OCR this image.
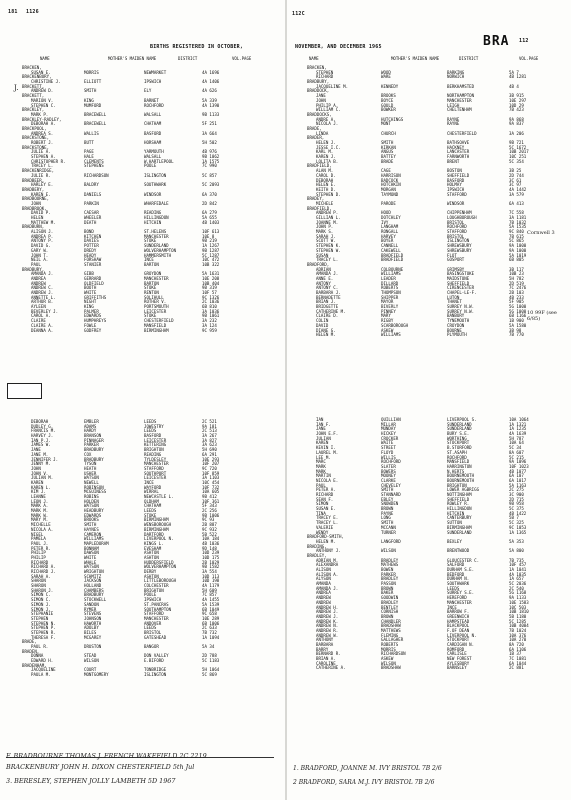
181 1126
BIRTHS REGISTERED IN OCTOBER,
NAME	MOTHER'S MAIDEN NAME	DISTRICT	VOL.PAGE
BRACKEN,
SUSAN E.	MORRIS	NEWMARKET	4A 1696
BRACKENBURY,
CHRISTINE J.	ELLIOTT	IPSWICH	4A 1406
BRACKETT,
ANDREW D.	SMITH	ELY	4A 626
BRACKETT,
MARION V.	KING	BARNET	5A 339
STEPHEN C.	MUMFORD	ROCHFORD	4A 1390
BRACKLEY,
MARK P.	BRACEWELL	WALSALL	9B 1133
BRACKLEY-RADLEY,
DEBORAH A.	BRACEWELL	CHATHAM	5F 251
BRACKPOOL,
ANDREA S.	WALLIS	BASFORD	3A 664
BRACKSTONE,
ROBERT J.	BUTT	HORSHAM	5H 502
BRACKSTONE,
JULIE A.	PAGE	YARMOUTH	4B 976
STEPHEN A.	HALE	WALSALL	9B 1062
CHRISTOPHER R.	CLEMENTS	W.HARTLEPOOL	1A 1575
TRACEY L.	STEPHENS	POOLE	7C 990
BRACKENRIDGE,
JULIE R.	RICHARDSON	ISLINGTON	5C 857
BRADBEER,
HARLEY E.	BALDRY	SOUTHWARK	5C 2093
BRADBERY,
KAREN E.	DANIELS	WINDSOR	6A 370
BRADBOURNE,
JOHN	PARKIN	WHARFEDALE	2D 842
BRADBROOK,
DAVID P.	CAESAR	READING	6A 279
HELEN	WHEELER	HILLINGDON	5A 655
MATTHEW M.	DEATH	HITCHIN	4B 1403
BRADBURN,
ALISON J.	BOND	ST.HELENS	10F 613
ANDREA P.	KITCHEN	MANCHESTER	10E 8
ANTONY P.	DAVIES	STOKE	9B 219
DAVID G.	POTTER	SUNDERLAND	1A 1267
GARY W.	DREDY	WOLVERHAMPTON	9B 1287
JOHN T.	HEADY	HAMMERSMITH	5C 1287
NEIL A.	FORSHAW	INCE	10C 472
PAUL	STANIER	BARTON	10B 322
BRADBURY,
AMANDA J.	GIBB	GROYDON	5A 1631
ANDREA	GERRARD	MANCHESTER	10E 208
ANDREW	OLDFIELD	BARTON	10B 404
ANDREW C.	BOOTH	STOKE	9B 319
ANDREW J.	WHITE	RENTON	10F 57
ANNETTE L.	GRIFFITHS	SOLIHULL	9C 1326
ARTHUR B.	NIGHT	ROTHER V.	2C 1036
AYLEEN	KING	PORTSMOUTH	6B 810
BEVERLEY J.	PALMER	LEICESTER	3A 1036
CAROL A.	EDWARDS	STOKE	9B 1061
CLAIRE	HUMPHREYS	CHESTERFIELD	3A 232
CLAIRE A.	FOWLE	MANSFIELD	3A 124
DEANNA A.	GODFREY	BIRMINGHAM	9C 959
DEBORAH	EMBLER	LEEDS	2C 521
DUDLEY G.	ADAMS	JOWESTRY	9A 181
FRANCIS M.	HARDY	LEEDS	2C 513
HARVEY J.	BRANSON	BASFORD	3A 267
IAN P.J.	PINNAGER	LEICESTER	3A 827
JAMES W.	PARKER	KETTERING	3A 623
JANE	BRADBURY	BRIGHTON	5H 690
JANE M.	COX	READING	6A 291
JENNIFER J.	BRADBURY	TYLDESLEY	10E 293
JENNY M.	TYSON	MANCHESTER	10F 207
JOHN	HEATH	STAFFORD	9C 720
JOHN V.	USHER	SOUTHPORT	10F 859
JULIAN M.	WATSON	LEICESTER	3A 1103
KAREN	NEWELL	INCE	10C 454
KAREN L.	ROBINSON	WAYFORD	10F 732
KIM J.	MCGUINESS	WIRRAL	10A 605
LEANNE	ROBINS	NEWCASTLE L.	9B 412
LEON J.	HOLDEN	OLDHAM	10F 361
MARK A.	WATSON	CHATHAM	5F 343
MARK M.	HEADBURY	LEEDS	2C 256
MARK W.	EDWARDS	STOKE	9B 1006
MARY M.	BROOKS	BIRMINGHAM	9C 93
MICHELLE	SMITH	WENSBOROUGH	2B 887
NICOLA A.	HAYNES	BIRMINGHAM	9C 932
NIGEL	CAMERON	DARTFORD	5B 522
PAMELA	WILLIAMS	LIVERPOOL N.	10A 184
PAUL J.	MAPLEDORAM	KINGS L.	4B 1036
PETER R.	BONNAM	EVESHAM	9D 148
PHILIP	DAWSON	ASHTON	10D 239
PHILIP	WHITE	ASHTON	10D 175
RICHARD	WHALE	HUDDERSFIELD	2B 1029
RICHARD A.	WATSON	WOLVERHAMPTON	9B 1582
RICHARD J.	WRIGHTON	DERBY	3A 554
SARAH A.	SCHMITZ	ASHTON	10D 113
SHARON	JACKSON	LITTLEBOROUGH	10D 198
SHARON	HOLLAND	COLCHESTER	4A 1179
SHARON J.	CHAMBERS	BRIGHTON	5H 609
SIMON C.	BRADBURY	POOLE	7C 857
SIMON C.	STOCKWELL	IPSWICH	4A 1455
SIMON J.	SANDON	ST.PANCRAS	5A 1539
SIMON J.	RYMER	SOUTHAMPTON	6B 1049
STEPHANIE	STEVENS	STAFFORD	9C 658
STEPHEN	JOHNSON	MANCHESTER	10E 289
STEPHEN N.	HAWORTH	ANDOVER	6B 1006
STEPHEN P.	ADOLBY	LEEDS	2C 633
STEPHEN R.	BILES	BRISTOL	7B 732
THERESA F.	MCGAREY	GATESHEAD	1A 1094
BRADE,
PAUL R.	DRUSTON	BANGOR	5A 34
BRADEN,
DONNA	STEAD	DON VALLEY	2D 788
EDWARD H.	WILSON	E.BIFORD	5C 1183
BRADENHAM,
JACQUELINE	COURT	TONBRIDGE	5H 1064
PAULA M.	MONTGOMERY	ISLINGTON	5C 869
F. BRADBOURNE THOMAS J. FRENCH WAKEFIELD 2C 2219
BRACKENBURY JOHN H. DIXON CHESTERFIELD 5th Jul
3. BERESLEY, STEPHEN JOLLY LAMBETH 5D 1967
J.
112C
NOVEMBER, AND DECEMBER 1965	BRA 112
NAME	MOTHER'S MAIDEN NAME	DISTRICT	VOL.PAGE
BRACKEN,
STEPHEN	WOOD	BARKING	5A 7
RICHARD	WARE	NORWICH	4B 1281
BRADBURY,
JACQUELINE M.	KENNEDY	BERKHAMSTED	4B 4
BRADDOCK,
JANE	BROOKS	NORTHAMPTON	3B 915
JOHN	BOYCE	MANCHESTER	10E 297
PHILIP A.	GOULD	LEIGH	10D 29
WILLIAM C.	BOWKER	CHELTENHAM	7B 423
BRADDOCKS,
ANDRE A.	HUTCHINGS	RAYNE	9A 868
NICOLA J.	MONT	RAYNE	9A 837
BRADE,
LINDA	CHURCH	CHESTERFIELD	3A 206
BRADER,
HELEN J.	SMITH	BATHSOAVE	9B 721
JESSE I.C.	KIRKAN	HACKNEY	5C 1672
KARL M.	ANGUS	LANCASTER	10B 2017
KAREN J.	BATTEY	FARNWORTH	10C 251
LOLITA B.	BRADE	BRENT	5C 354
BRADFIELD,
ALAN M.	CAGE	BOSTON	3B 25
CAROL D.	HARRISON	SHEFFIELD	2D 744
DEBORAH	BADCOCK	BASFORD	3C 61
HELEN E.	HOTCHKIN	HOLMAY	3C 97
KEITH D.	MORGAN	IPSWICH	4A 1442
STEPHEN D.	TAYMOND	STAFFORD	3A 579
BRADEY,
MICHELE	PARODE	WINDSOR	6A 413
BRADFIELD,
ANDREW P.	HOOD	CHIPPENHAM	7C 558
GILLIAN L.	DOTCHLEY	LOUGHBOROUGH	3A 1181
JOANNE M.	IVY	BRISTOL	7B 1032
JOHN P.	LANGHAM	ROCHFORD	5A 1535
MARK S.	RONGALL	STAFFORD	9C 840
SARAH J.	HARVEY	BRISTOL	7B 615
SCOTT W.	BOYER	ISLINGTON	5C 865
STEPHEN K.	CANNELL	SHREWSBURY	9A 1000
STEPHEN W.	CAKEWELL	SHREWSBURY	9A 1000
SUSAN	BRADFIELD	FLOT	5A 1019
TRACEY L.	BRADFIELD	GOSPORT	6B 805
BRADFORD,
ADRIAN	COLBOURNE	GRIMSBY	3B 117
AMANDA J.	WILLIAMS	BASINGSTOKE	10B 23
ANNE E.	LEADER	MAIDSTONE	5H 782
ANTONY	DILLARD	SHEFFIELD	2D 519
ANTONY C.	ROBERTS	CIRENCESTER	7C 2476
BARBARA J.	THOMPSON	CHAPEL-LE-F.	2B 103
BERNADETTE	SHIPPER	LUTON	4B 233
BRIAN J.	MAYOR	THANET	5F 905
BRIDGETTE	BIVERLY	SURREY N.W.	5G 1000
CATHERINE M.	PINNEY	SURREY N.W.	5G 1000
CLAIRE D.	MARY	BANBURY	6B 1166
COLIN	RIGBY	TYNEMOUTH	1B 900
DAVID	SCARBOROUGH	CROYDON	5A 1580
DIANE G.	ASKEW	BOURNE	3B 98
HELEN M.	WILLIAMS	PLYMOUTH	7B 770
IAN	QUILLIAN	LIVERPOOL S.	10A 1064
IAN F.	MILLAR	SUNDERLAND	1A 1321
JANE	MUNDAY	SUNDERLAND	1A 1235
JOHN E.F.	HICKEY	BURY S.E.	4A 1639
JULIAN	CROCKER	WORTHING	5H 787
KAREN	WAITE	STOCKPORT	10A 64
KEVIN I.	STREET	B.STORFORD	5C 34
LAUREL M.	FLOYD	ST.ASAPH	8A 607
LEE M.	WILLIS	ROCHFORD	5C 215
MARC	ROCHFORD	MANSFIELD	9A 1096
MARK	SLATER	HARRINGTON	10F 1023
MARK	BOWERS	N.HERTS	4B 1077
MARTIN	MOONEY	BOURNEMOUTH	6A 107
NICOLA E.	CLARKE	BOURNEMOUTH	6A 1017
PAUL	CHEVELEY	BRIGHTON	5A 1163
PETER A.	SMITH	LOWER AGBRIGG	2C 275
RICHARD	STANNARD	NOTTINGHAM	3C 900
SEAN F.	EBLEY	SHEFFIELD	2D 715
SIMON	SNOWDEN	ROWLEY R.	9B 958
SUSAN E.	BROWN	HILLINGDON	5C 375
TINA	PAYNE	HITCHIN	4B 1422
TRACEY E.	LONG	CANTERBURY	5B 7
TRACEY L.	SMITH	SUTTON	5C 325
VALERIE	MCCANN	BIRMINGHAM	9C 1053
WENDY	TURNER	SUNDERLAND	1A 1365
BRADFORD-SMITH,
HELEN M.	LANGFORD	BEXLEY	5A 353
BRADING,
ANTHONY J.	WILSON	BRENTWOOD	5A 800
BRADLEY,
ADRIAN M.	BRADLEY	GLOUCESTER C.	7B 735
ALEXANDRA	MATHEWS	SALFORD	10F 457
ALISON	BOWEN	DURHAM S.E.	1A 1041
ALISON A.	PARKER	BEDFORD	4A 1035
ALYSON	BRADLEY	DURHAM N.	1A 657
AMANDA	PASSON	SOUTHWARK	5C 2036
AMANDA J.	BROWN	LEEDS	2C 540
ANDREA	BAKER	SURREY S.E.	5G 1168
ANDREW	GOODWIN	HEREFORD	9A 1133
ANDREW	BRADLEY	MANCHESTER	10E 1583
ANDREW H.	BENTLEY	INCE	10C 503
ANDREW J.	CORNISH	BARROW F.	10B 1810
ANDREW J.	BROWN	GREENWICH	5B 1180
ANDREW K.	CHANDLER	HAMPSTEAD	5C 1285
ANDREW N.	BRADSHAW	BLACKPOOL	10B 4004
ANDREW R.	MATTHEWS	F.OF DEAN	7B 1024
ANDREW W.	FLEMING	LIVERPOOL N.	10A 376
ANTHONY	GALLAGHER	STOCKPORT	10A 270
BARBARA	ROBERTS	CARDIGAN N.	8A 720
BARRY	MORRIS	ROMFORD	6A 1106
BERNARD R.	RICHARDSON	CARLISLE	1B 37
BRIAN A.	ASKEW	NEW FOREST	7C 1081
CAROLINE	WILSON	AYLESBURY	6A 1044
CATHERINE A.	BRADSHAW	BARNSLEY	2C 881
1. BRADFORD, JOANNE M. IVY BRISTOL 7B 2/6
2 BRADFORD, SARA M.J. IVY BRISTOL 7B 2/6
10 99F (see 6/85)
Cornwell 3
